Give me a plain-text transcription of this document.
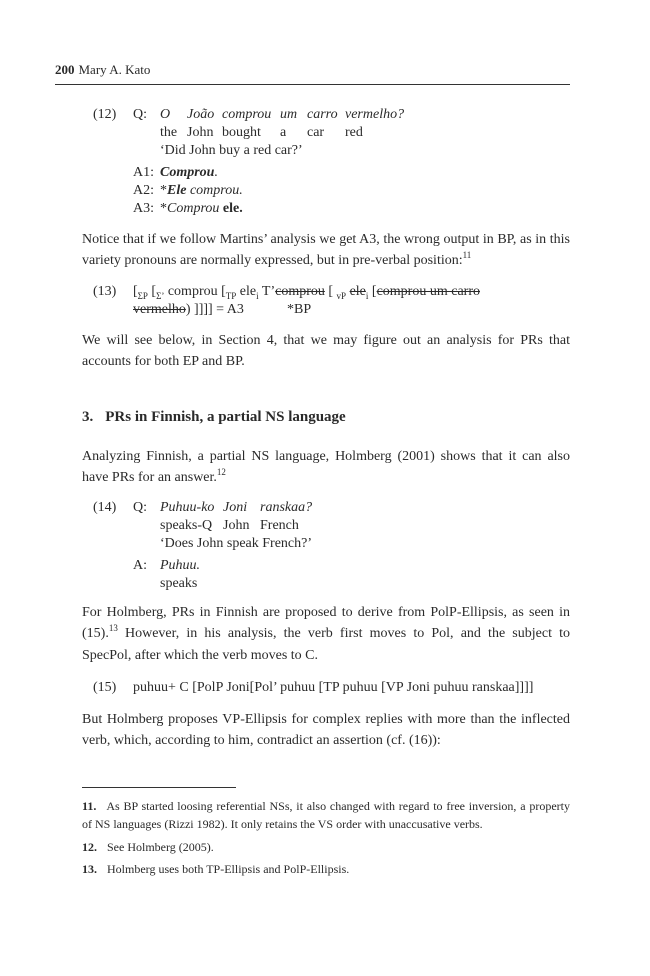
200 Mary A. Kato
(12) Q: O João comprou um carro vermelho?
the John bought a car red
‘Did John buy a red car?’
A1: Comprou.
A2: *Ele comprou.
A3: *Comprou ele.

Notice that if we follow Martins’ analysis we get A3, the wrong output in BP, as in this variety pronouns are normally expressed, but in pre-verbal position:$^{11}$

(13) [$_{\Sigma P}$ [$_{\Sigma’}$ comprou [$_{TP}$ ele$_i$ T’comprou [ $_{vP}$ ele$_i$ [comprou um carro
vermelho) ]]]] = A3	*BP

We will see below, in Section 4, that we may figure out an analysis for PRs that accounts for both EP and BP.

3. PRs in Finnish, a partial NS language

Analyzing Finnish, a partial NS language, Holmberg (2001) shows that it can also have PRs for an answer.$^{12}$

(14) Q: Puhuu-ko Joni ranskaa?
speaks-Q John French
‘Does John speak French?’
A: Puhuu.
speaks

For Holmberg, PRs in Finnish are proposed to derive from PolP-Ellipsis, as seen in (15).$^{13}$ However, in his analysis, the verb first moves to Pol, and the subject to SpecPol, after which the verb moves to C.

(15) puhuu+ C [PolP Joni[Pol’ puhuu [TP puhuu [VP Joni puhuu ranskaa]]]]

But Holmberg proposes VP-Ellipsis for complex replies with more than the inflected verb, which, according to him, contradict an assertion (cf. (16)):

11. As BP started loosing referential NSs, it also changed with regard to free inversion, a property of NS languages (Rizzi 1982). It only retains the VS order with unaccusative verbs.

12. See Holmberg (2005).

13. Holmberg uses both TP-Ellipsis and PolP-Ellipsis.
